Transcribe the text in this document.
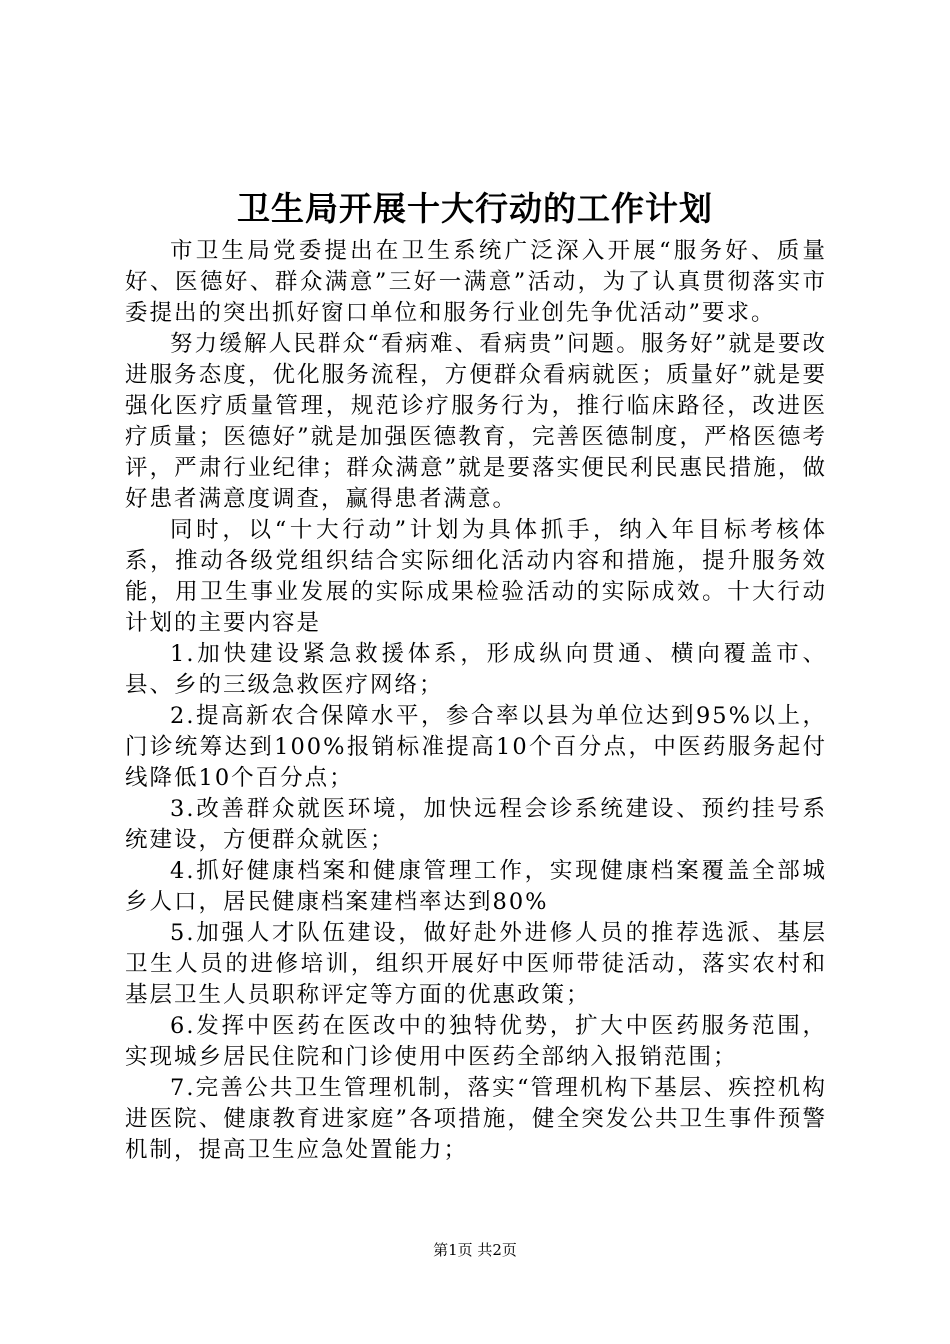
卫生局开展十大行动的工作计划

市卫生局党委提出在卫生系统广泛深入开展“服务好、质量好、医德好、群众满意”三好一满意”活动，为了认真贯彻落实市委提出的突出抓好窗口单位和服务行业创先争优活动”要求。

努力缓解人民群众“看病难、看病贵”问题。服务好”就是要改进服务态度，优化服务流程，方便群众看病就医；质量好”就是要强化医疗质量管理，规范诊疗服务行为，推行临床路径，改进医疗质量；医德好”就是加强医德教育，完善医德制度，严格医德考评，严肃行业纪律；群众满意”就是要落实便民利民惠民措施，做好患者满意度调查，赢得患者满意。

同时，以“十大行动”计划为具体抓手，纳入年目标考核体系，推动各级党组织结合实际细化活动内容和措施，提升服务效能，用卫生事业发展的实际成果检验活动的实际成效。十大行动计划的主要内容是

1.加快建设紧急救援体系，形成纵向贯通、横向覆盖市、县、乡的三级急救医疗网络；

2.提高新农合保障水平，参合率以县为单位达到95%以上，门诊统筹达到100%报销标准提高10个百分点，中医药服务起付线降低10个百分点；

3.改善群众就医环境，加快远程会诊系统建设、预约挂号系统建设，方便群众就医；

4.抓好健康档案和健康管理工作，实现健康档案覆盖全部城乡人口，居民健康档案建档率达到80%

5.加强人才队伍建设，做好赴外进修人员的推荐选派、基层卫生人员的进修培训，组织开展好中医师带徒活动，落实农村和基层卫生人员职称评定等方面的优惠政策；

6.发挥中医药在医改中的独特优势，扩大中医药服务范围，实现城乡居民住院和门诊使用中医药全部纳入报销范围；

7.完善公共卫生管理机制，落实“管理机构下基层、疾控机构进医院、健康教育进家庭”各项措施，健全突发公共卫生事件预警机制，提高卫生应急处置能力；

第1页 共2页
